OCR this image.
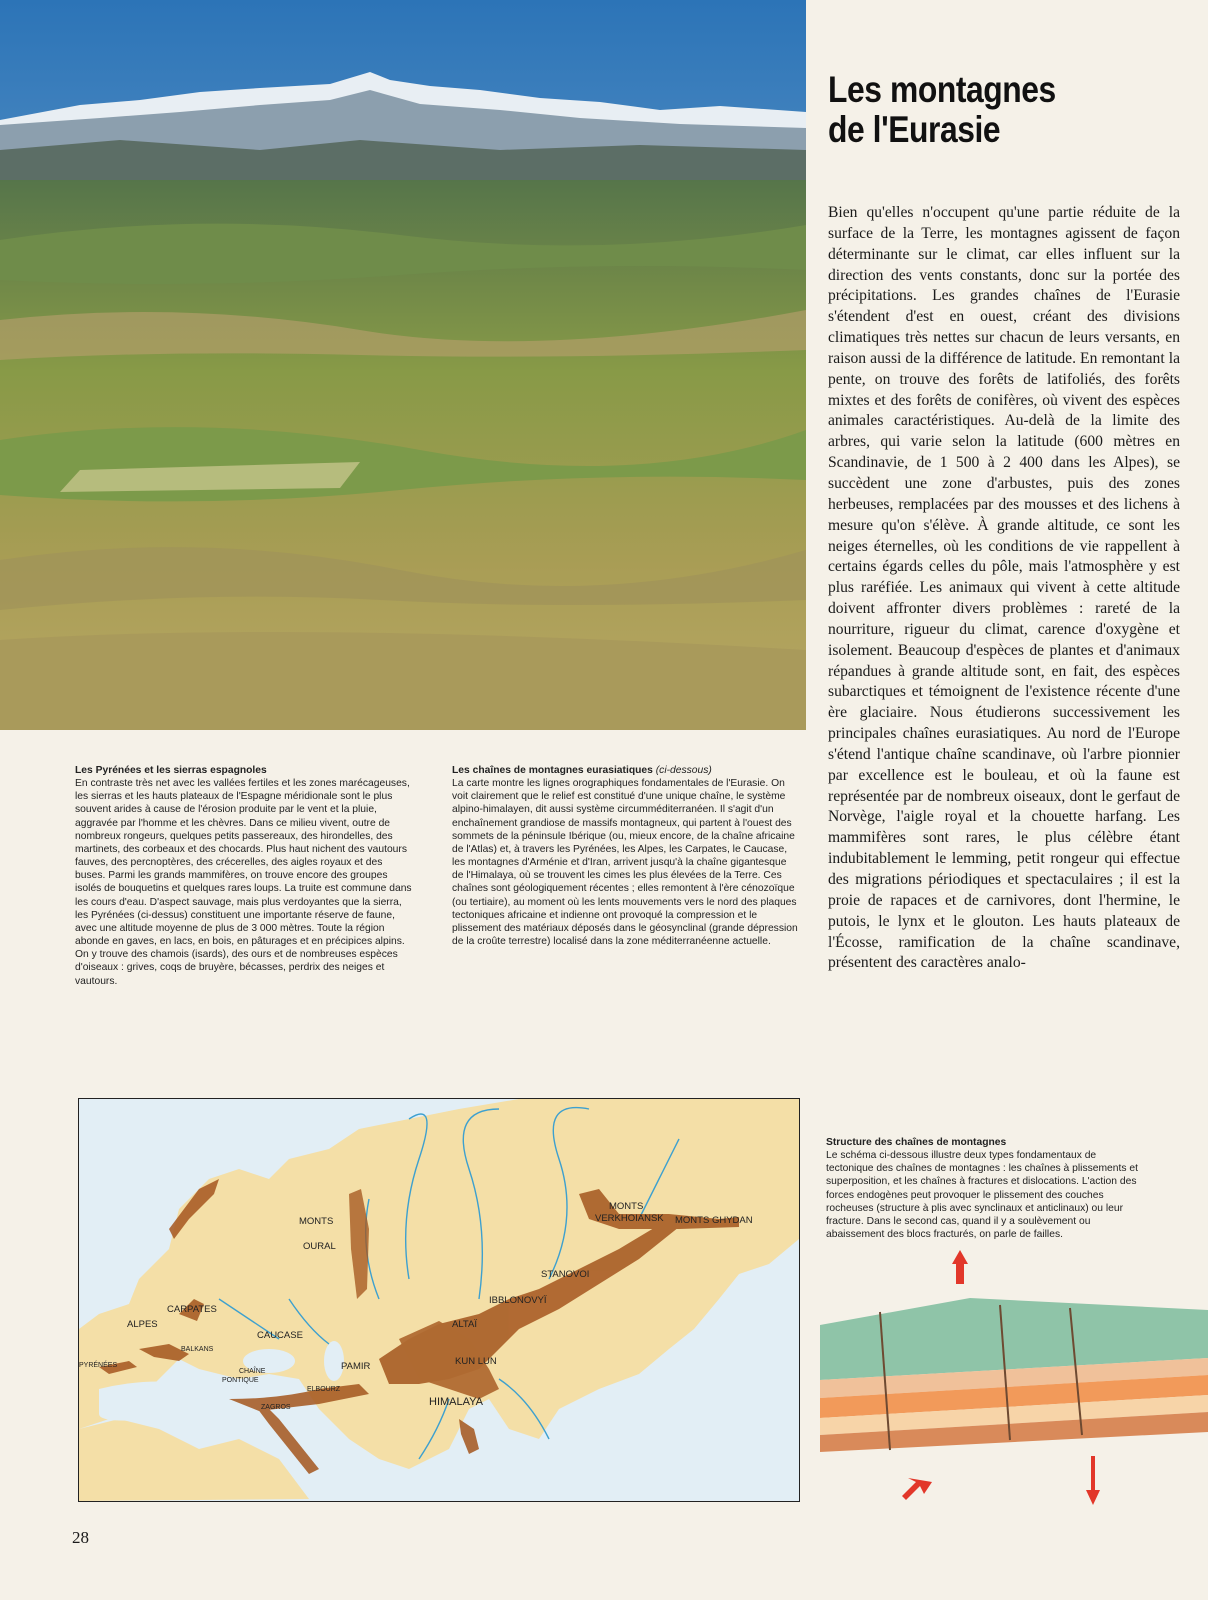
Les montagnes
de l'Eurasie

Bien qu'elles n'occupent qu'une partie réduite de la surface de la Terre, les montagnes agissent de façon déterminante sur le climat, car elles influent sur la direction des vents constants, donc sur la portée des précipitations. Les grandes chaînes de l'Eurasie s'étendent d'est en ouest, créant des divisions climatiques très nettes sur chacun de leurs versants, en raison aussi de la différence de latitude. En remontant la pente, on trouve des forêts de latifoliés, des forêts mixtes et des forêts de conifères, où vivent des espèces animales caractéristiques. Au-delà de la limite des arbres, qui varie selon la latitude (600 mètres en Scandinavie, de 1 500 à 2 400 dans les Alpes), se succèdent une zone d'arbustes, puis des zones herbeuses, remplacées par des mousses et des lichens à mesure qu'on s'élève. À grande altitude, ce sont les neiges éternelles, où les conditions de vie rappellent à certains égards celles du pôle, mais l'atmosphère y est plus raréfiée. Les animaux qui vivent à cette altitude doivent affronter divers problèmes : rareté de la nourriture, rigueur du climat, carence d'oxygène et isolement. Beaucoup d'espèces de plantes et d'animaux répandues à grande altitude sont, en fait, des espèces subarctiques et témoignent de l'existence récente d'une ère glaciaire. Nous étudierons successivement les principales chaînes eurasiatiques. Au nord de l'Europe s'étend l'antique chaîne scandinave, où l'arbre pionnier par excellence est le bouleau, et où la faune est représentée par de nombreux oiseaux, dont le gerfaut de Norvège, l'aigle royal et la chouette harfang. Les mammifères sont rares, le plus célèbre étant indubitablement le lemming, petit rongeur qui effectue des migrations périodiques et spectaculaires ; il est la proie de rapaces et de carnivores, dont l'hermine, le putois, le lynx et le glouton. Les hauts plateaux de l'Écosse, ramification de la chaîne scandinave, présentent des caractères analo-

Les Pyrénées et les sierras espagnoles
En contraste très net avec les vallées fertiles et les zones marécageuses, les sierras et les hauts plateaux de l'Espagne méridionale sont le plus souvent arides à cause de l'érosion produite par le vent et la pluie, aggravée par l'homme et les chèvres. Dans ce milieu vivent, outre de nombreux rongeurs, quelques petits passereaux, des hirondelles, des martinets, des corbeaux et des chocards. Plus haut nichent des vautours fauves, des percnoptères, des crécerelles, des aigles royaux et des buses. Parmi les grands mammifères, on trouve encore des groupes isolés de bouquetins et quelques rares loups. La truite est commune dans les cours d'eau. D'aspect sauvage, mais plus verdoyantes que la sierra, les Pyrénées (ci-dessus) constituent une importante réserve de faune, avec une altitude moyenne de plus de 3 000 mètres. Toute la région abonde en gaves, en lacs, en bois, en pâturages et en précipices alpins. On y trouve des chamois (isards), des ours et de nombreuses espèces d'oiseaux : grives, coqs de bruyère, bécasses, perdrix des neiges et vautours.
Les chaînes de montagnes eurasiatiques (ci-dessous)
La carte montre les lignes orographiques fondamentales de l'Eurasie. On voit clairement que le relief est constitué d'une unique chaîne, le système alpino-himalayen, dit aussi système circumméditerranéen. Il s'agit d'un enchaînement grandiose de massifs montagneux, qui partent à l'ouest des sommets de la péninsule Ibérique (ou, mieux encore, de la chaîne africaine de l'Atlas) et, à travers les Pyrénées, les Alpes, les Carpates, le Caucase, les montagnes d'Arménie et d'Iran, arrivent jusqu'à la chaîne gigantesque de l'Himalaya, où se trouvent les cimes les plus élevées de la Terre. Ces chaînes sont géologiquement récentes ; elles remontent à l'ère cénozoïque (ou tertiaire), au moment où les lents mouvements vers le nord des plaques tectoniques africaine et indienne ont provoqué la compression et le plissement des matériaux déposés dans le géosynclinal (grande dépression de la croûte terrestre) localisé dans la zone méditerranéenne actuelle.
Structure des chaînes de montagnes
Le schéma ci-dessous illustre deux types fondamentaux de tectonique des chaînes de montagnes : les chaînes à plissements et superposition, et les chaînes à fractures et dislocations. L'action des forces endogènes peut provoquer le plissement des couches rocheuses (structure à plis avec synclinaux et anticlinaux) ou leur fracture. Dans le second cas, quand il y a soulèvement ou abaissement des blocs fracturés, on parle de failles.
MONTS
OURAL
MONTS
VERKHOIANSK MONTS GHYDAN
STANOVOI
IBBLONOVYÏ
ALTAÏ
CARPATES
ALPES
CAUCASE
BALKANS
PYRÉNÉES	PAMIR	KUN LUN
CHAÎNE
PONTIQUE
ELBOURZ
ZAGROS	HIMALAYA
28
